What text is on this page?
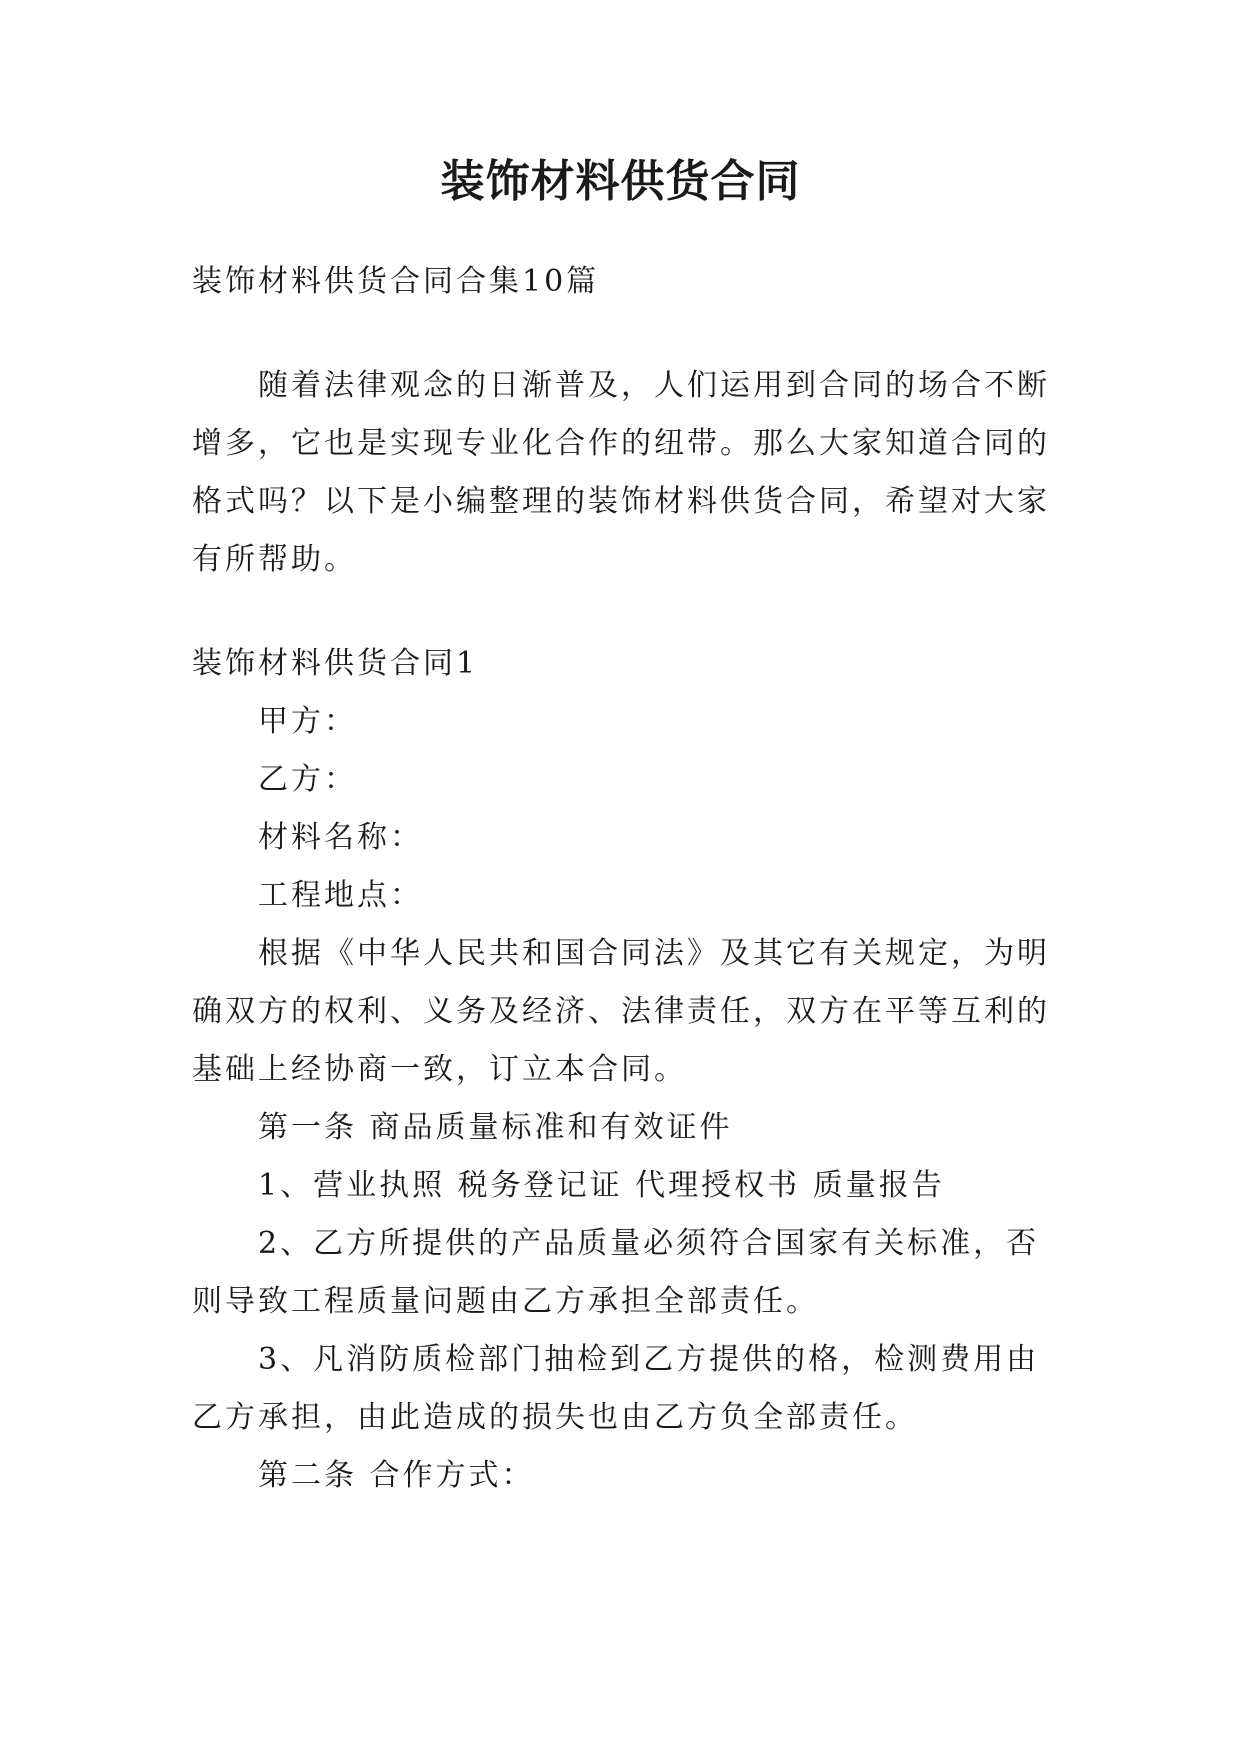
装饰材料供货合同
装饰材料供货合同合集10篇
随着法律观念的日渐普及，人们运用到合同的场合不断
增多，它也是实现专业化合作的纽带。那么大家知道合同的
格式吗？以下是小编整理的装饰材料供货合同，希望对大家
有所帮助。
装饰材料供货合同1
甲方：
乙方：
材料名称：
工程地点：
根据《中华人民共和国合同法》及其它有关规定，为明
确双方的权利、义务及经济、法律责任，双方在平等互利的
基础上经协商一致，订立本合同。
第一条 商品质量标准和有效证件
1、营业执照 税务登记证 代理授权书 质量报告
2、乙方所提供的产品质量必须符合国家有关标准，否
则导致工程质量问题由乙方承担全部责任。
3、凡消防质检部门抽检到乙方提供的格，检测费用由
乙方承担，由此造成的损失也由乙方负全部责任。
第二条 合作方式：
